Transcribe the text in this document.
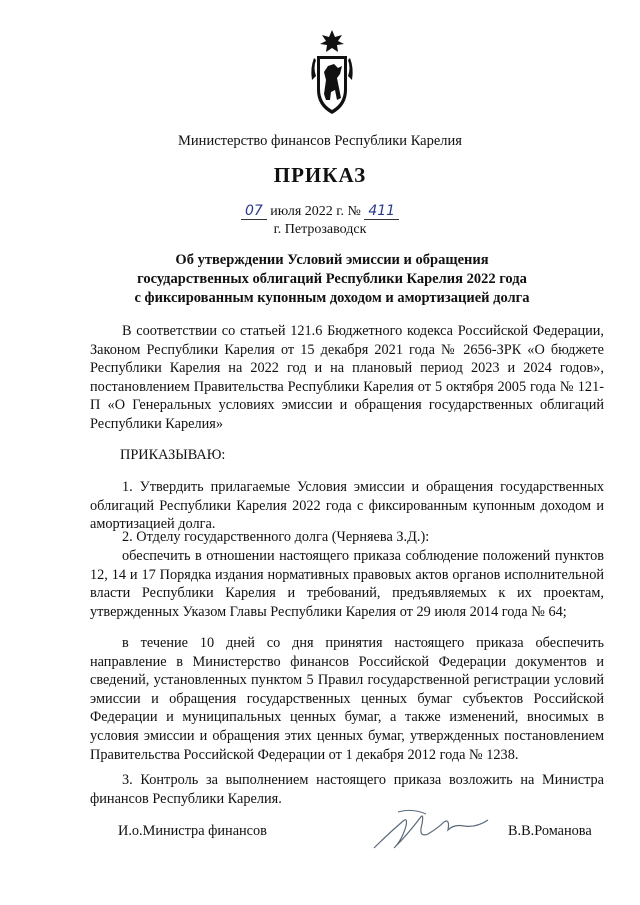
Министерство финансов Республики Карелия
ПРИКАЗ
07 июля 2022 г. № 411
г. Петрозаводск
Об утверждении Условий эмиссии и обращения
государственных облигаций Республики Карелия 2022 года
с фиксированным купонным доходом и амортизацией долга

В соответствии со статьей 121.6 Бюджетного кодекса Российской Федерации, Законом Республики Карелия от 15 декабря 2021 года № 2656-ЗРК «О бюджете Республики Карелия на 2022 год и на плановый период 2023 и 2024 годов», постановлением Правительства Республики Карелия от 5 октября 2005 года № 121-П «О Генеральных условиях эмиссии и обращения государственных облигаций Республики Карелия»

ПРИКАЗЫВАЮ:

1. Утвердить прилагаемые Условия эмиссии и обращения государственных облигаций Республики Карелия 2022 года с фиксированным купонным доходом и амортизацией долга.

2. Отделу государственного долга (Черняева З.Д.):

обеспечить в отношении настоящего приказа соблюдение положений пунктов 12, 14 и 17 Порядка издания нормативных правовых актов органов исполнительной власти Республики Карелия и требований, предъявляемых к их проектам, утвержденных Указом Главы Республики Карелия от 29 июля 2014 года № 64;

в течение 10 дней со дня принятия настоящего приказа обеспечить направление в Министерство финансов Российской Федерации документов и сведений, установленных пунктом 5 Правил государственной регистрации условий эмиссии и обращения государственных ценных бумаг субъектов Российской Федерации и муниципальных ценных бумаг, а также изменений, вносимых в условия эмиссии и обращения этих ценных бумаг, утвержденных постановлением Правительства Российской Федерации от 1 декабря 2012 года № 1238.

3. Контроль за выполнением настоящего приказа возложить на Министра финансов Республики Карелия.

И.о.Министра финансов	В.В.Романова
